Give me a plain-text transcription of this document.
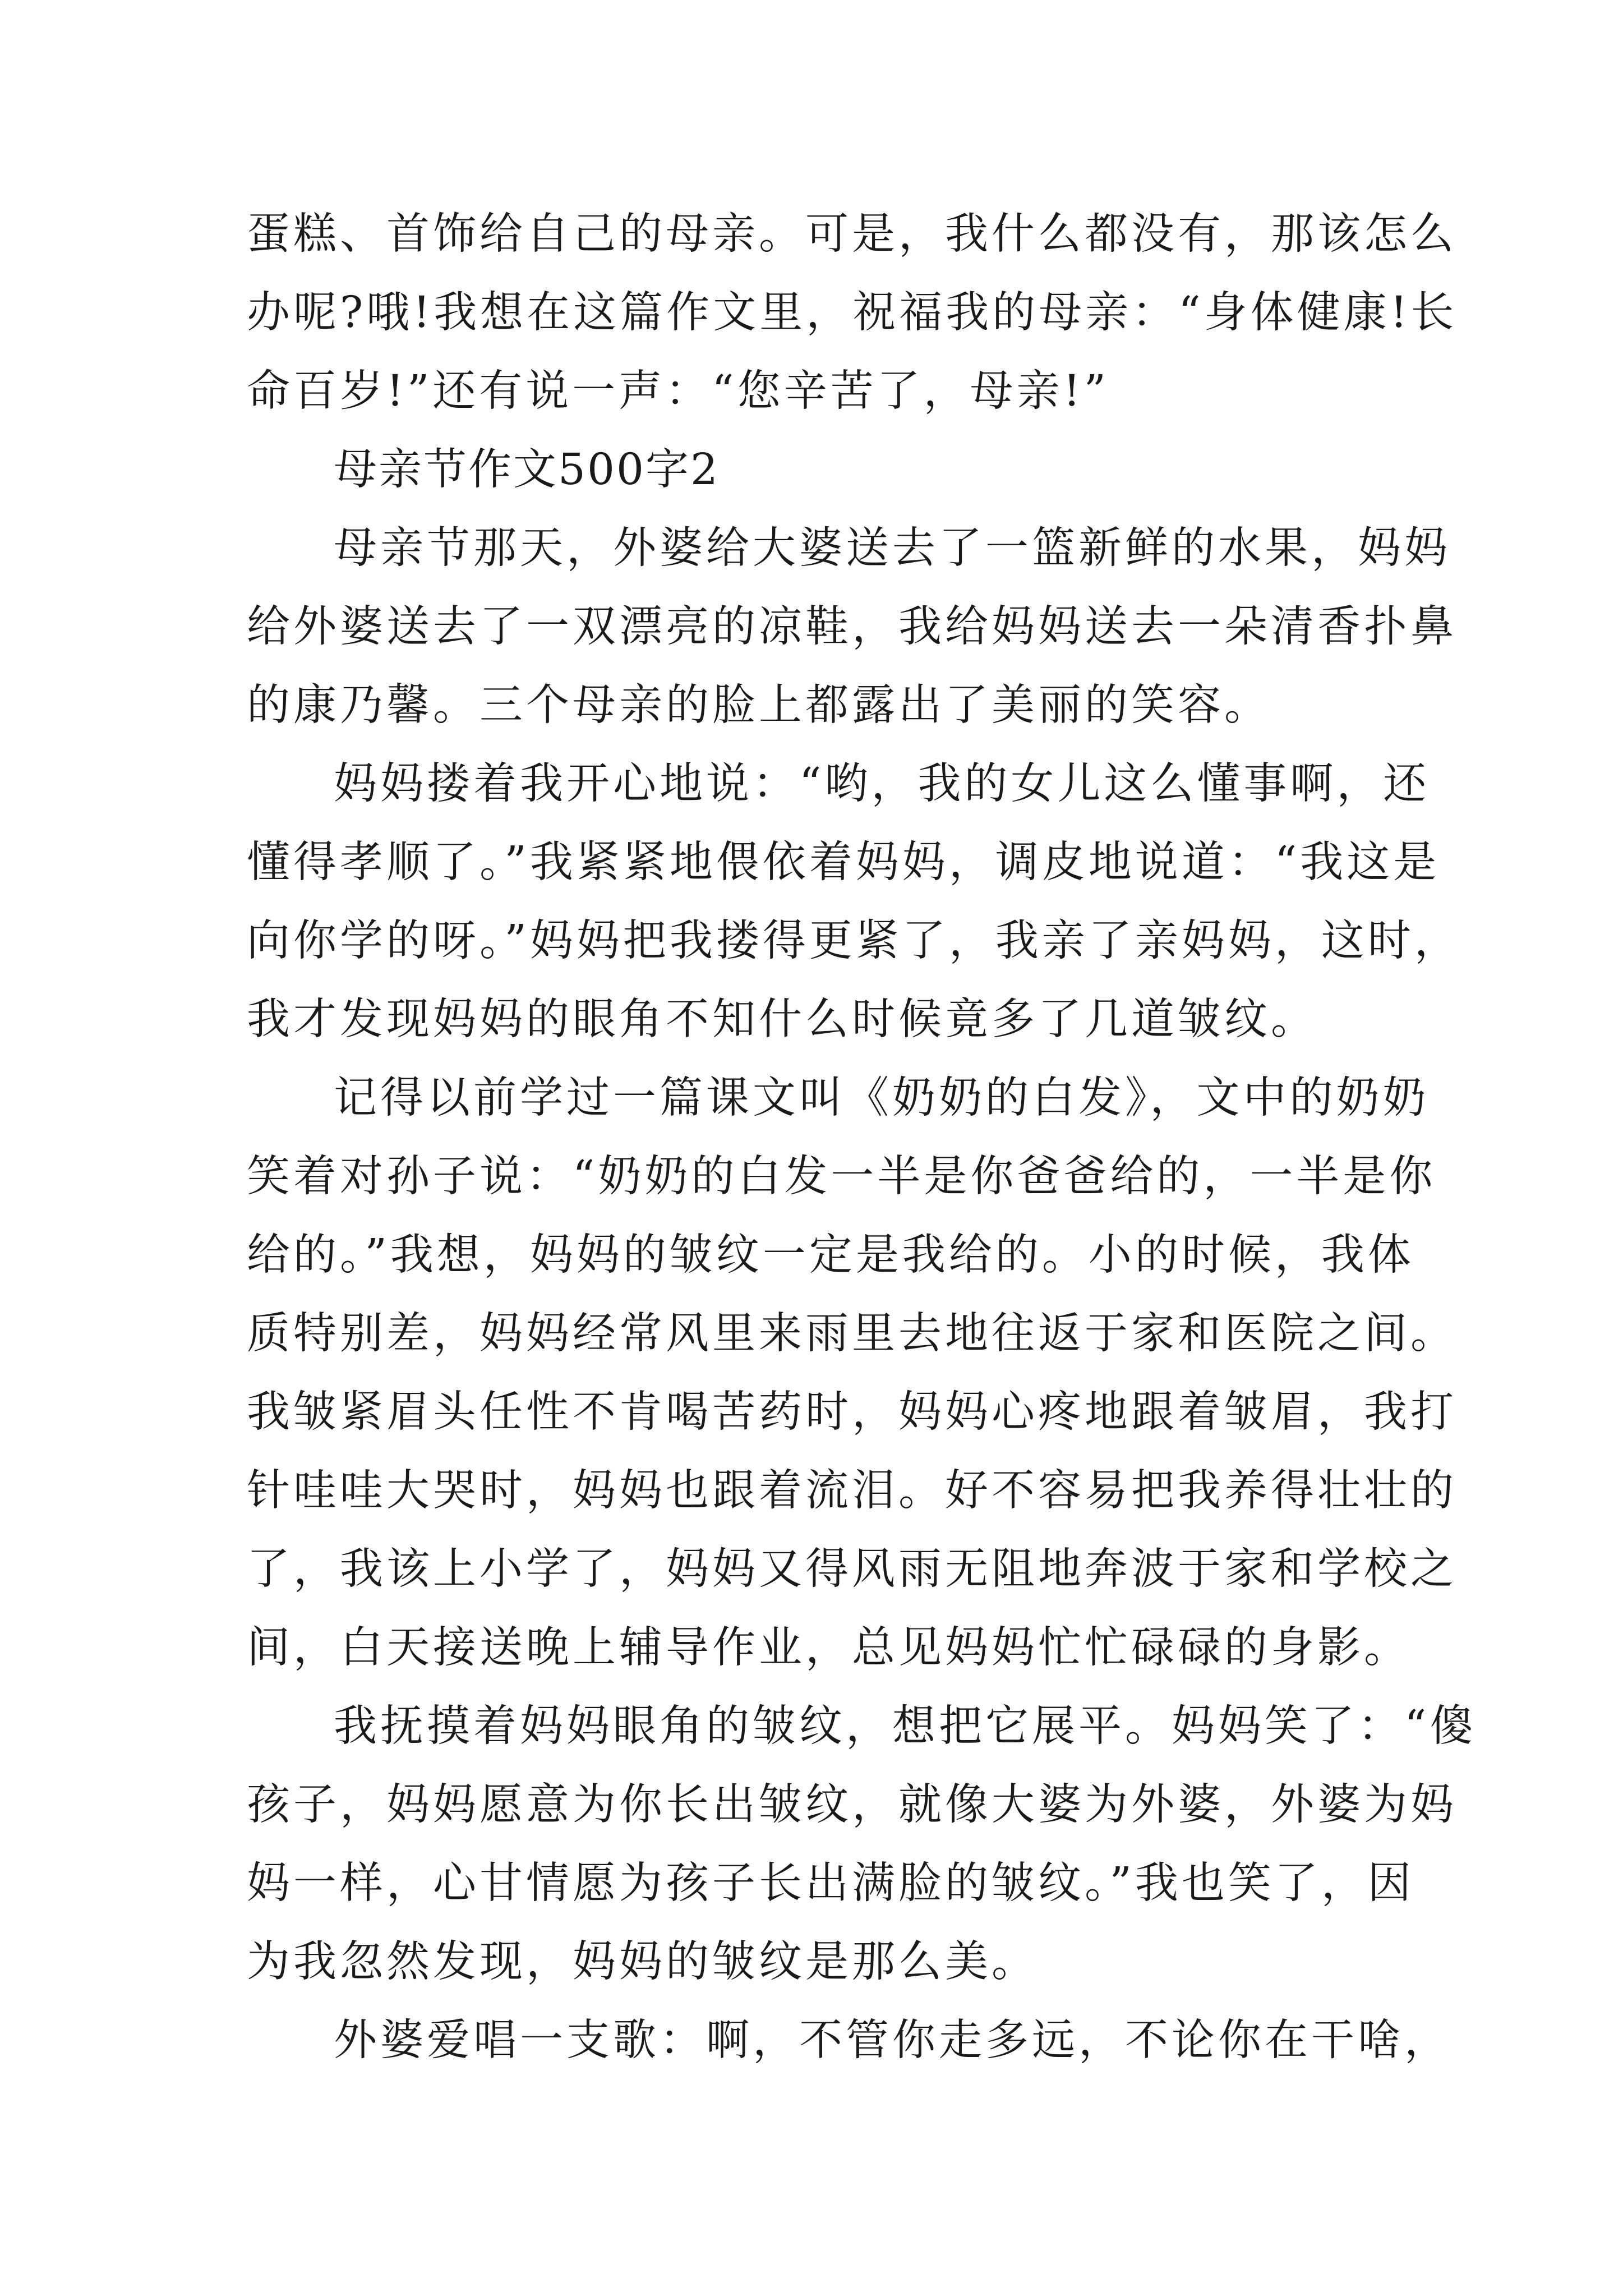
蛋糕、首饰给自己的母亲。可是，我什么都没有，那该怎么

办呢?哦!我想在这篇作文里，祝福我的母亲：“身体健康!长

命百岁!”还有说一声：“您辛苦了，母亲!”

母亲节作文500字2

母亲节那天，外婆给大婆送去了一篮新鲜的水果，妈妈

给外婆送去了一双漂亮的凉鞋，我给妈妈送去一朵清香扑鼻

的康乃馨。三个母亲的脸上都露出了美丽的笑容。

妈妈搂着我开心地说：“哟，我的女儿这么懂事啊，还

懂得孝顺了。”我紧紧地偎依着妈妈，调皮地说道：“我这是

向你学的呀。”妈妈把我搂得更紧了，我亲了亲妈妈，这时，

我才发现妈妈的眼角不知什么时候竟多了几道皱纹。

记得以前学过一篇课文叫《奶奶的白发》，文中的奶奶

笑着对孙子说：“奶奶的白发一半是你爸爸给的，一半是你

给的。”我想，妈妈的皱纹一定是我给的。小的时候，我体

质特别差，妈妈经常风里来雨里去地往返于家和医院之间。

我皱紧眉头任性不肯喝苦药时，妈妈心疼地跟着皱眉，我打

针哇哇大哭时，妈妈也跟着流泪。好不容易把我养得壮壮的

了，我该上小学了，妈妈又得风雨无阻地奔波于家和学校之

间，白天接送晚上辅导作业，总见妈妈忙忙碌碌的身影。

我抚摸着妈妈眼角的皱纹，想把它展平。妈妈笑了：“傻

孩子，妈妈愿意为你长出皱纹，就像大婆为外婆，外婆为妈

妈一样，心甘情愿为孩子长出满脸的皱纹。”我也笑了，因

为我忽然发现，妈妈的皱纹是那么美。

外婆爱唱一支歌：啊，不管你走多远，不论你在干啥，
